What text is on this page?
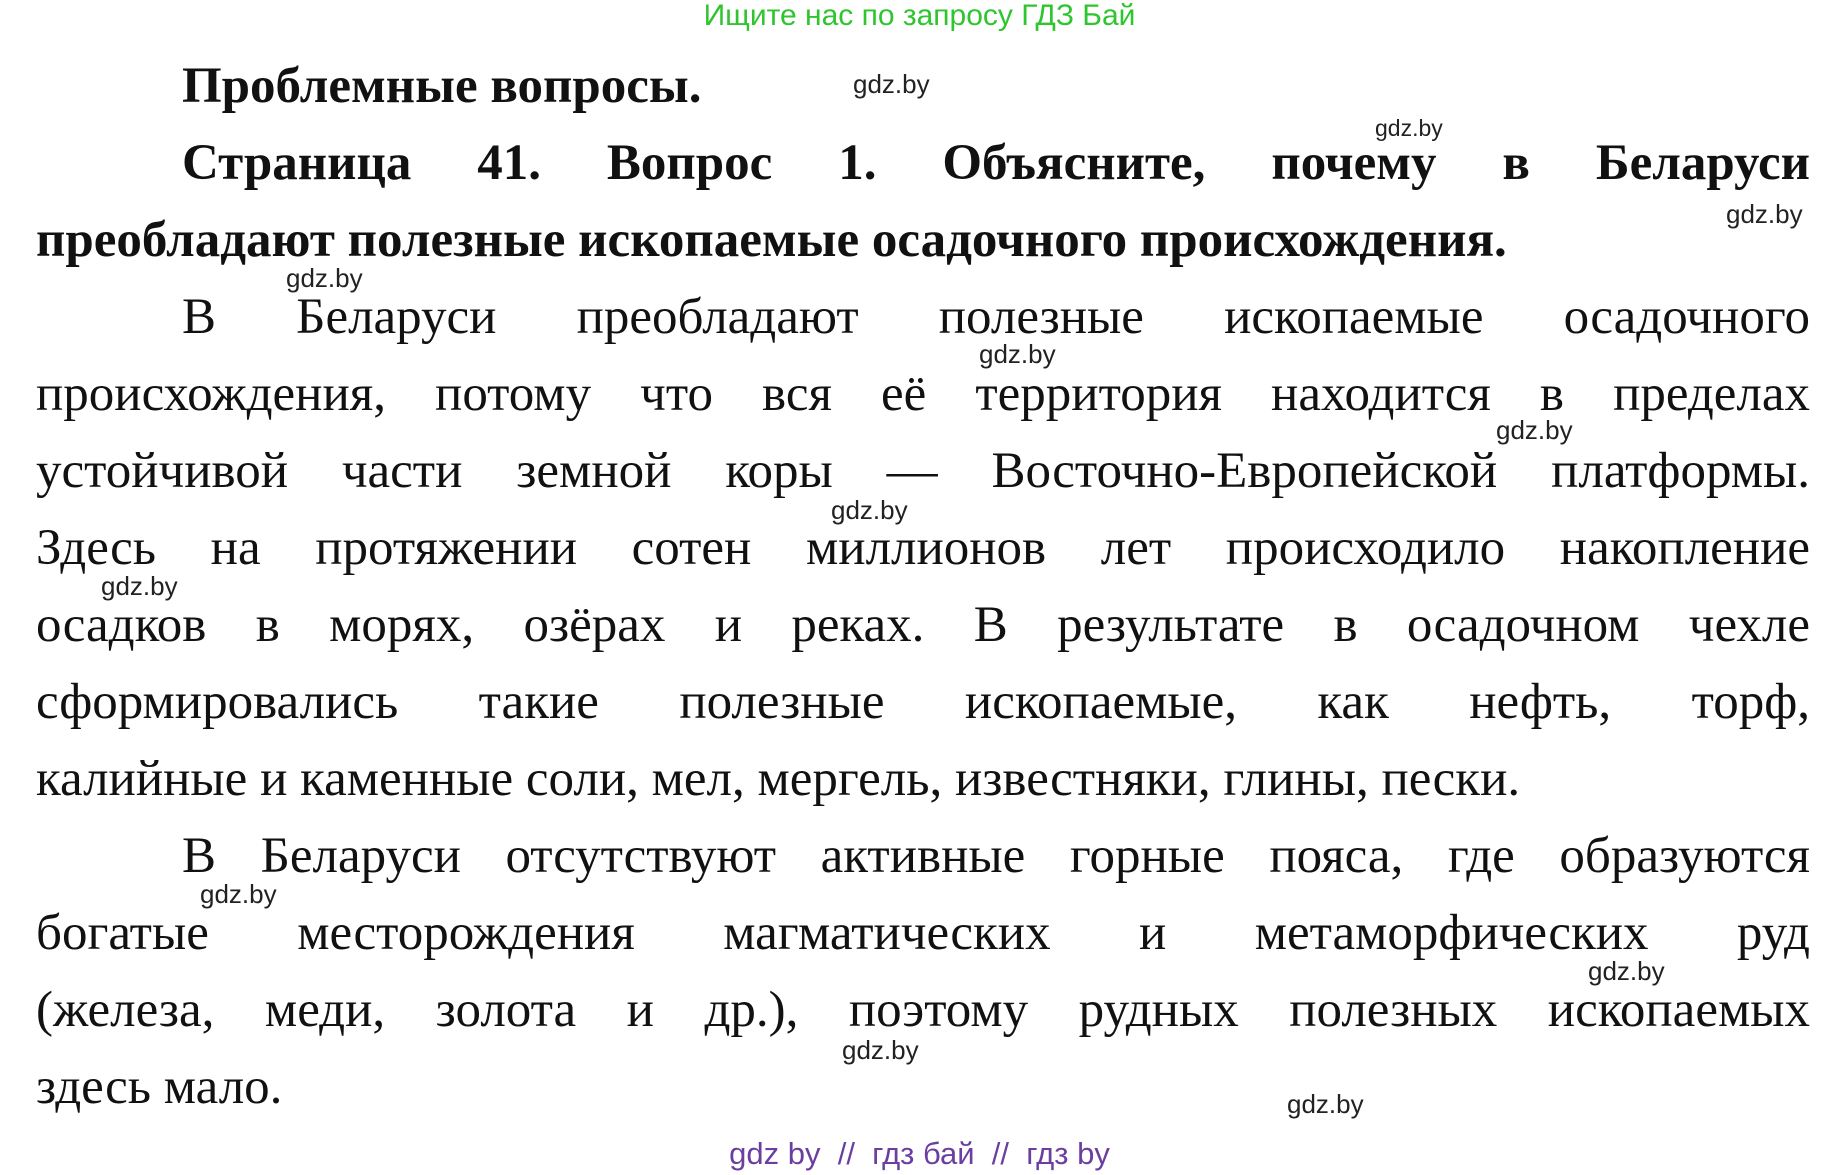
Ищите нас по запросу ГДЗ Бай
Проблемные вопросы.
Страница 41. Вопрос 1. Объясните, почему в Беларуси
преобладают полезные ископаемые осадочного происхождения.
В Беларуси преобладают полезные ископаемые осадочного
происхождения, потому что вся её территория находится в пределах
устойчивой части земной коры — Восточно-Европейской платформы.
Здесь на протяжении сотен миллионов лет происходило накопление
осадков в морях, озёрах и реках. В результате в осадочном чехле
сформировались такие полезные ископаемые, как нефть, торф,
калийные и каменные соли, мел, мергель, известняки, глины, пески.
В Беларуси отсутствуют активные горные пояса, где образуются
богатые месторождения магматических и метаморфических руд
(железа, меди, золота и др.), поэтому рудных полезных ископаемых
здесь мало.
gdz.by
gdz.by
gdz.by
gdz.by
gdz.by
gdz.by
gdz.by
gdz.by
gdz.by
gdz.by
gdz.by
gdz.by
gdz by  //  гдз бай  //  гдз by
